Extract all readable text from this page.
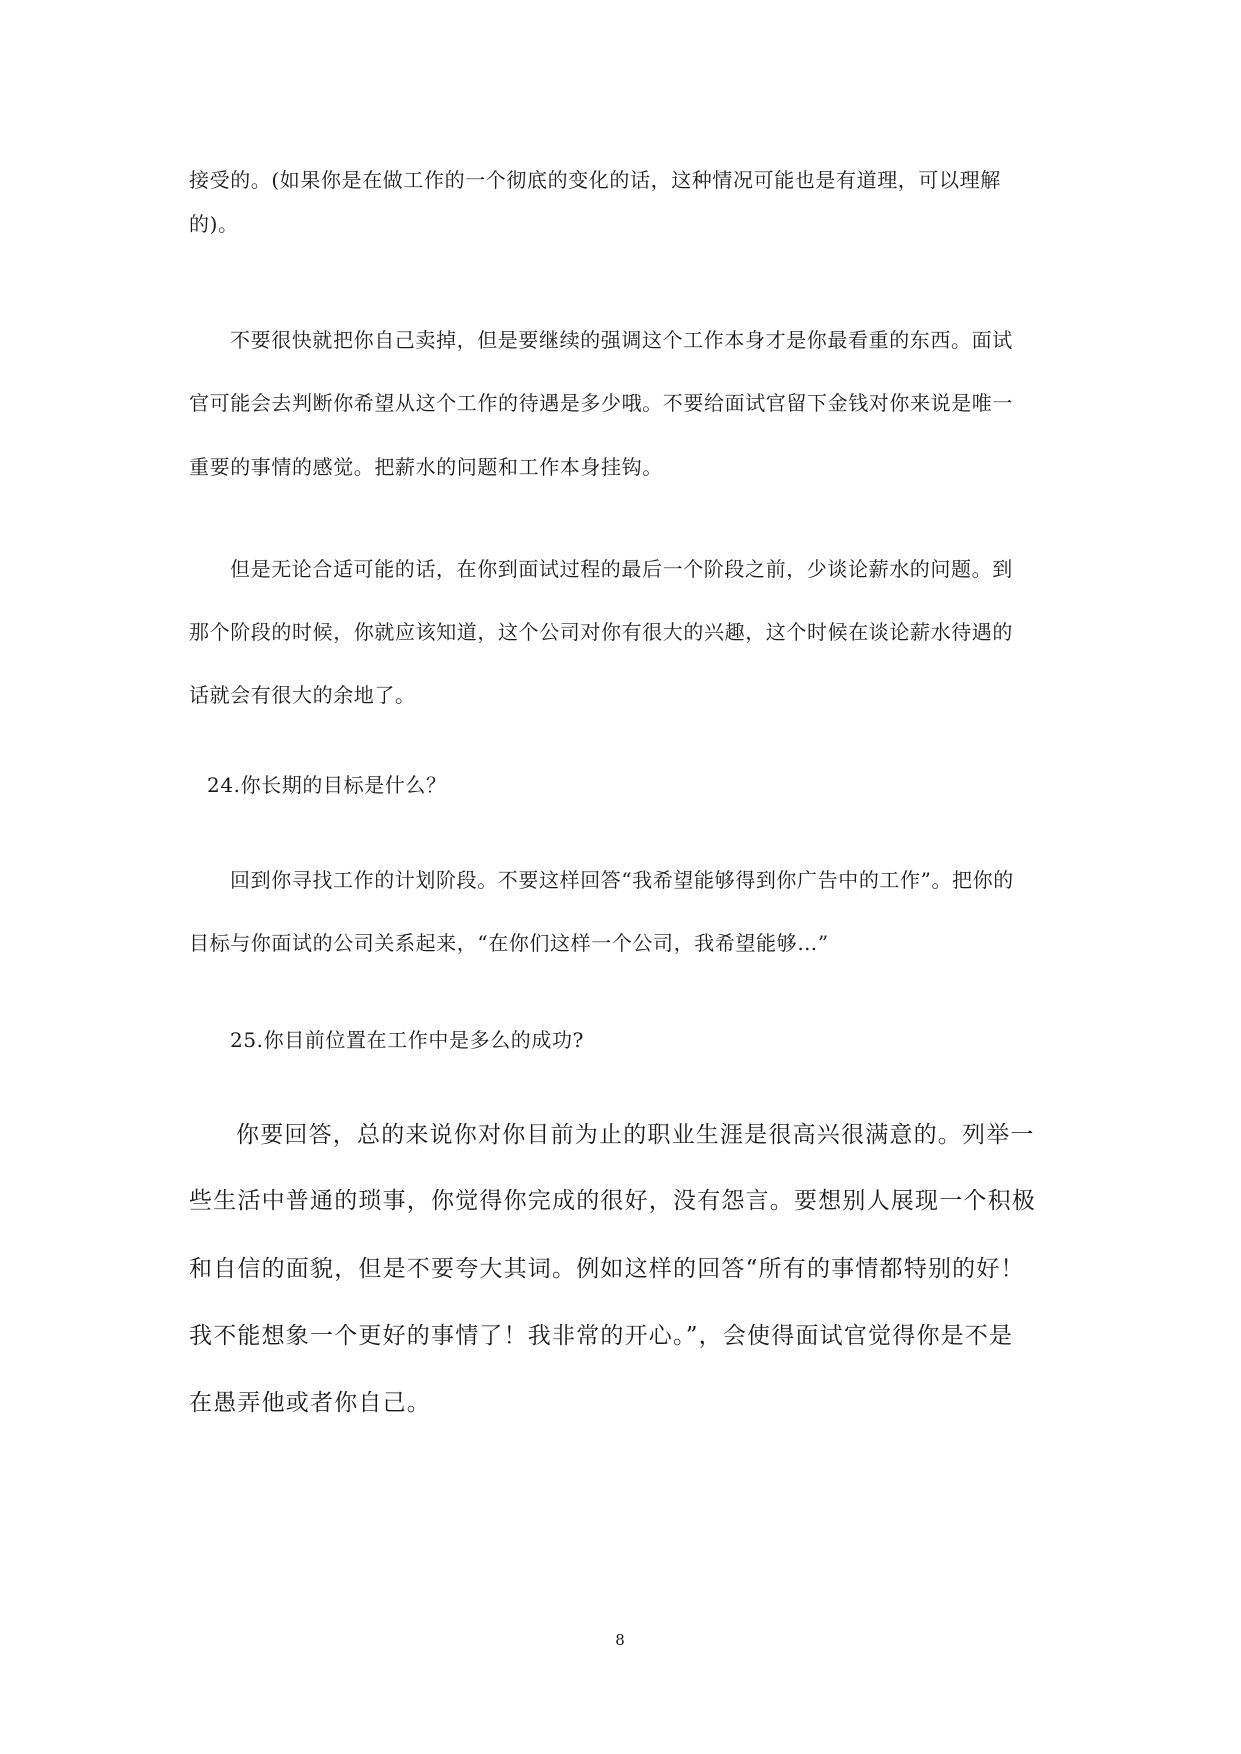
接受的。(如果你是在做工作的一个彻底的变化的话，这种情况可能也是有道理，可以理解
的)。
不要很快就把你自己卖掉，但是要继续的强调这个工作本身才是你最看重的东西。面试
官可能会去判断你希望从这个工作的待遇是多少哦。不要给面试官留下金钱对你来说是唯一
重要的事情的感觉。把薪水的问题和工作本身挂钩。
但是无论合适可能的话，在你到面试过程的最后一个阶段之前，少谈论薪水的问题。到
那个阶段的时候，你就应该知道，这个公司对你有很大的兴趣，这个时候在谈论薪水待遇的
话就会有很大的余地了。
24.你长期的目标是什么？
回到你寻找工作的计划阶段。不要这样回答“我希望能够得到你广告中的工作”。把你的
目标与你面试的公司关系起来，“在你们这样一个公司，我希望能够…”
25.你目前位置在工作中是多么的成功?
你要回答，总的来说你对你目前为止的职业生涯是很高兴很满意的。列举一
些生活中普通的琐事，你觉得你完成的很好，没有怨言。要想别人展现一个积极
和自信的面貌，但是不要夸大其词。例如这样的回答“所有的事情都特别的好！
我不能想象一个更好的事情了！我非常的开心。”，会使得面试官觉得你是不是
在愚弄他或者你自己。
8
